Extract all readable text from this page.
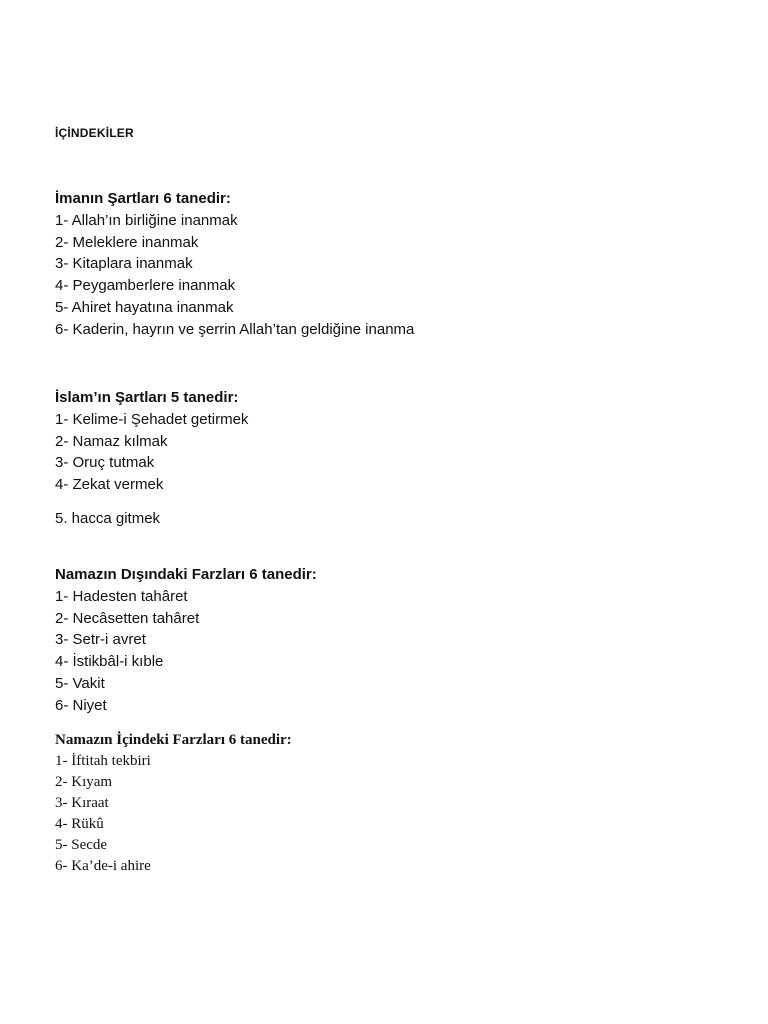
İÇİNDEKİLER
İmanın Şartları 6 tanedir:
1- Allah’ın birliğine inanmak
2- Meleklere inanmak
3- Kitaplara inanmak
4- Peygamberlere inanmak
5- Ahiret hayatına inanmak
6- Kaderin, hayrın ve şerrin Allah’tan geldiğine inanma
İslam’ın Şartları 5 tanedir:
1- Kelime-i Şehadet getirmek
2- Namaz kılmak
3- Oruç tutmak
4- Zekat vermek
5. hacca gitmek
Namazın Dışındaki Farzları 6 tanedir:
1- Hadesten tahâret
2- Necâsetten tahâret
3- Setr-i avret
4- İstikbâl-i kıble
5- Vakit
6- Niyet
Namazın İçindeki Farzları 6 tanedir:
1- İftitah tekbiri
2- Kıyam
3- Kıraat
4- Rükû
5- Secde
6- Ka’de-i ahire
